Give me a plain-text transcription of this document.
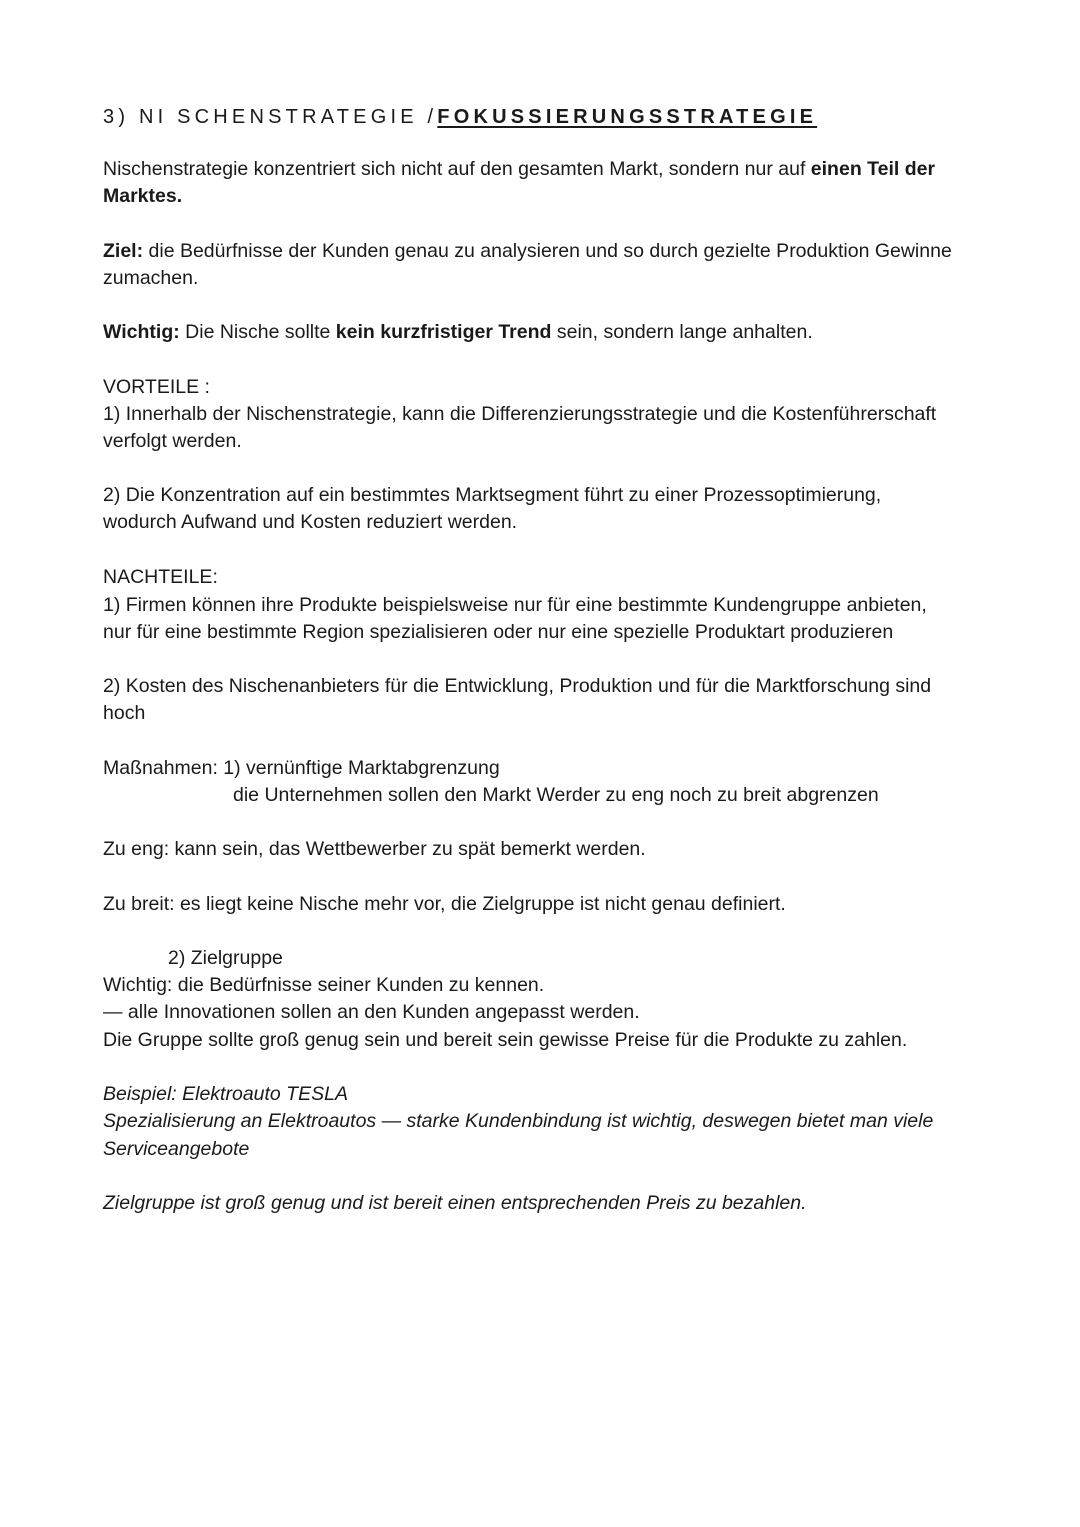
3) NI SCHENSTRATEGIE /FOKUSSIERUNGSSTRATEGIE
Nischenstrategie konzentriert sich nicht auf den gesamten Markt, sondern nur auf einen Teil der
Marktes.
Ziel: die Bedürfnisse der Kunden genau zu analysieren und so durch gezielte Produktion Gewinne
zumachen.
Wichtig: Die Nische sollte kein kurzfristiger Trend sein, sondern lange anhalten.
VORTEILE :
1) Innerhalb der Nischenstrategie, kann die Differenzierungsstrategie und die Kostenführerschaft
verfolgt werden.
2) Die Konzentration auf ein bestimmtes Marktsegment führt zu einer Prozessoptimierung,
wodurch Aufwand und Kosten reduziert werden.
NACHTEILE:
1) Firmen können ihre Produkte beispielsweise nur für eine bestimmte Kundengruppe anbieten,
nur für eine bestimmte Region spezialisieren oder nur eine spezielle Produktart produzieren
2) Kosten des Nischenanbieters für die Entwicklung, Produktion und für die Marktforschung sind
hoch
Maßnahmen: 1) vernünftige Marktabgrenzung
die Unternehmen sollen den Markt Werder zu eng noch zu breit abgrenzen
Zu eng: kann sein, das Wettbewerber zu spät bemerkt werden.
Zu breit: es liegt keine Nische mehr vor, die Zielgruppe ist nicht genau definiert.
2) Zielgruppe
Wichtig: die Bedürfnisse seiner Kunden zu kennen.
— alle Innovationen sollen an den Kunden angepasst werden.
Die Gruppe sollte groß genug sein und bereit sein gewisse Preise für die Produkte zu zahlen.
Beispiel: Elektroauto TESLA
Spezialisierung an Elektroautos — starke Kundenbindung ist wichtig, deswegen bietet man viele
Serviceangebote
Zielgruppe ist groß genug und ist bereit einen entsprechenden Preis zu bezahlen.
